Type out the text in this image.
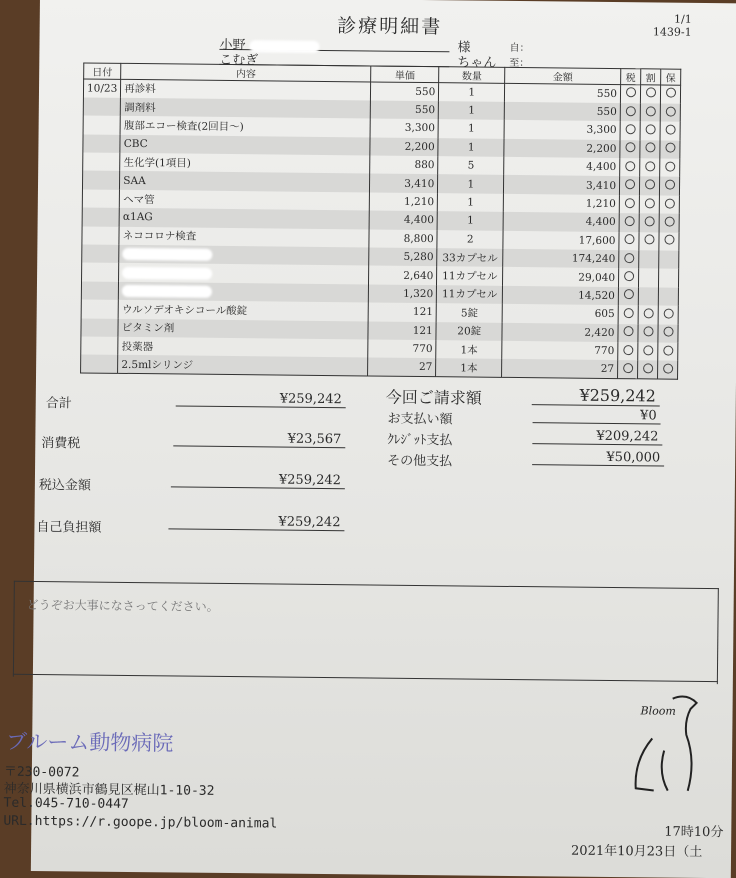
診療明細書	1/1
1439-1
小野	様	自：
こむぎ	ちゃん 至：
日付	内容	単価	数量	金額	税	割	保
10/23	再診料	550	1	550			
	調剤料	550	1	550			
	腹部エコー検査(2回目～)	3,300	1	3,300			
	CBC	2,200	1	2,200			
	生化学(1項目)	880	5	4,400			
	SAA	3,410	1	3,410			
	ヘマ管	1,210	1	1,210			
	α1AG	4,400	1	4,400			
	ネココロナ検査	8,800	2	17,600			
		5,280	33カプセル	174,240			
		2,640	11カプセル	29,040			
		1,320	11カプセル	14,520			
	ウルソデオキシコール酸錠	121	5錠	605			
	ビタミン剤	121	20錠	2,420			
	投薬器	770	1本	770			
	2.5mlシリンジ	27	1本	27			
合計	¥259,242
消費税	¥23,567
税込金額	¥259,242
自己負担額	¥259,242
今回ご請求額	¥259,242
お支払い額	¥0
ｸﾚｼﾞｯﾄ支払	¥209,242
その他支払	¥50,000
どうぞお大事になさってください。
ブルーム動物病院
〒230-0072
神奈川県横浜市鶴見区梶山1-10-32
Tel.045-710-0447
URL.https://r.goope.jp/bloom-animal
Bloom
17時10分
2021年10月23日（土
